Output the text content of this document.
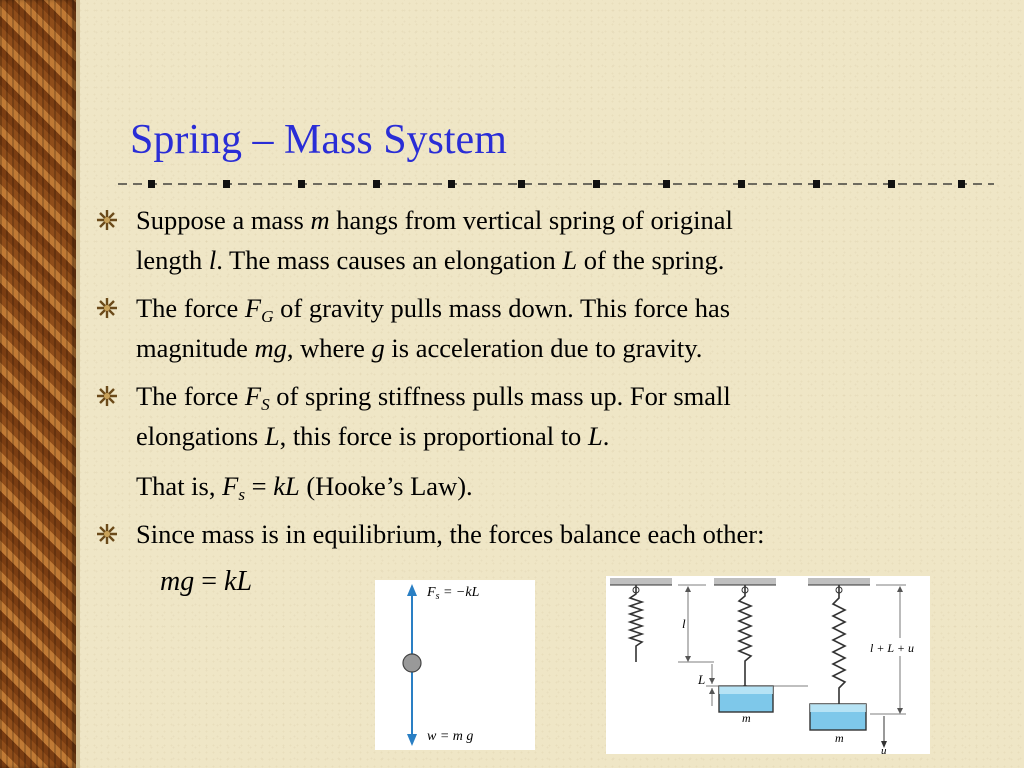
Spring – Mass System
Suppose a mass m hangs from vertical spring of original
length l. The mass causes an elongation L of the spring.
The force $F_G$ of gravity pulls mass down. This force has
magnitude mg, where g is acceleration due to gravity.
The force $F_S$ of spring stiffness pulls mass up. For small
elongations L, this force is proportional to L.
That is, $F_s$ = kL (Hooke’s Law).
Since mass is in equilibrium, the forces balance each other:
mg = kL	$F_s = -kL$
w = m g
m
m
l
L
l + L + u
u
